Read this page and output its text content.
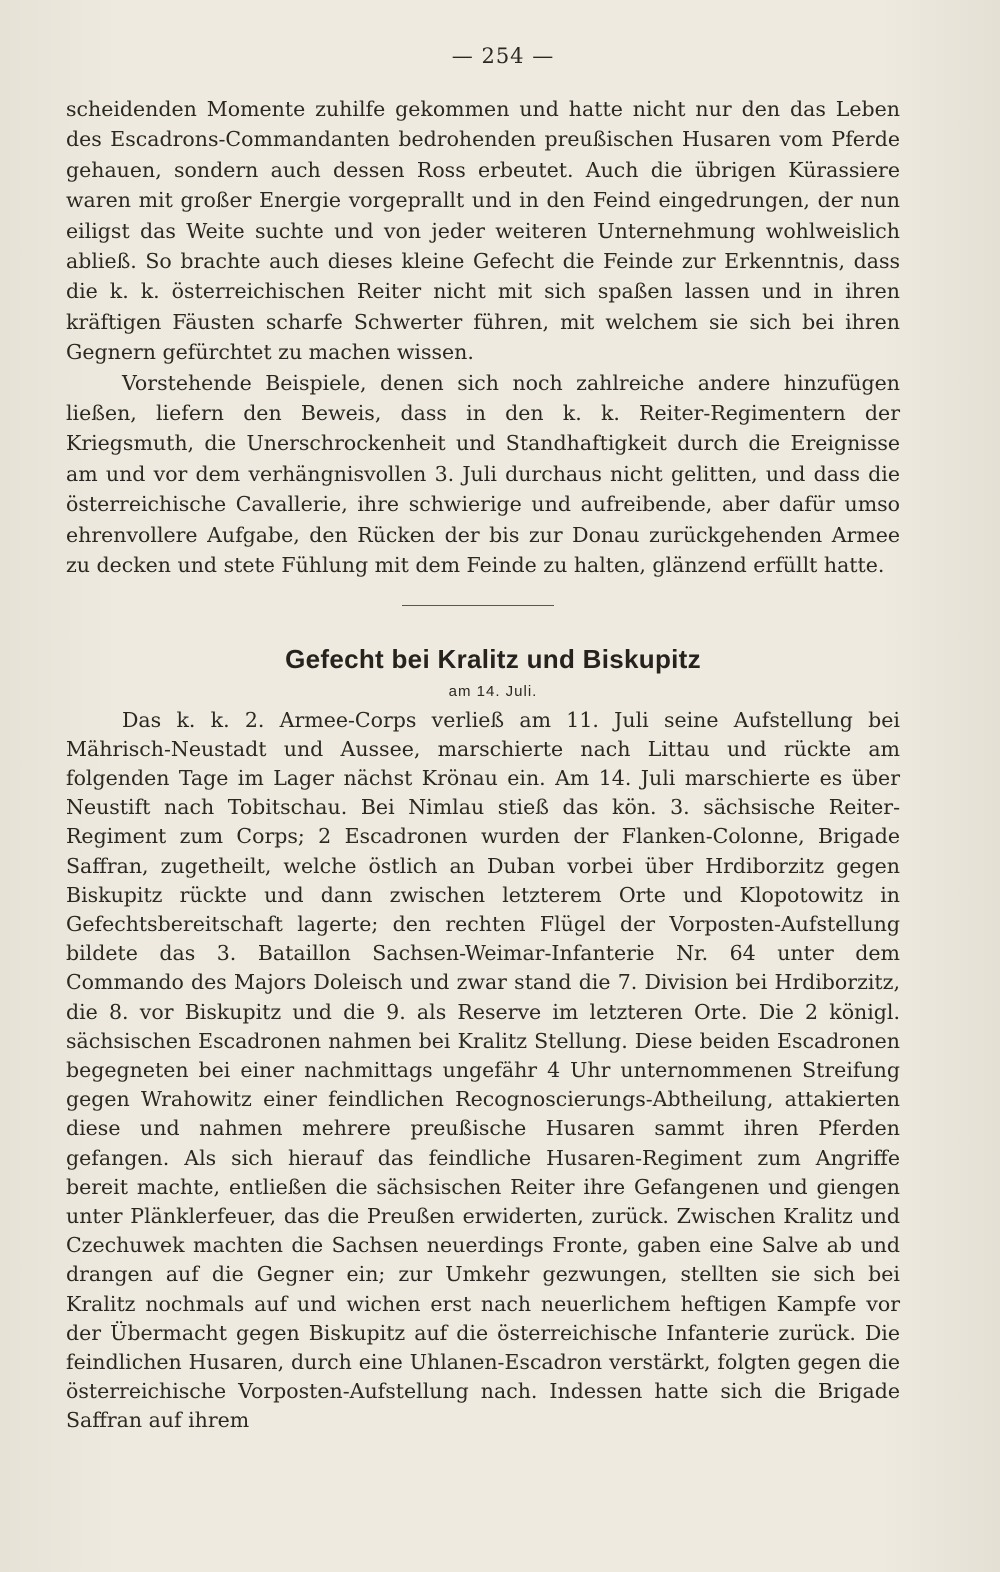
— 254 —

scheidenden Momente zuhilfe gekommen und hatte nicht nur den das Leben des Escadrons-Commandanten bedrohenden preußischen Husaren vom Pferde gehauen, sondern auch dessen Ross erbeutet. Auch die übrigen Kürassiere waren mit großer Energie vorgeprallt und in den Feind eingedrungen, der nun eiligst das Weite suchte und von jeder weiteren Unternehmung wohlweislich abließ. So brachte auch dieses kleine Gefecht die Feinde zur Erkenntnis, dass die k. k. österreichischen Reiter nicht mit sich spaßen lassen und in ihren kräftigen Fäusten scharfe Schwerter führen, mit welchem sie sich bei ihren Gegnern gefürchtet zu machen wissen.

Vorstehende Beispiele, denen sich noch zahlreiche andere hinzufügen ließen, liefern den Beweis, dass in den k. k. Reiter-Regimentern der Kriegsmuth, die Unerschrockenheit und Standhaftigkeit durch die Ereignisse am und vor dem verhängnisvollen 3. Juli durchaus nicht gelitten, und dass die österreichische Cavallerie, ihre schwierige und aufreibende, aber dafür umso ehrenvollere Aufgabe, den Rücken der bis zur Donau zurückgehenden Armee zu decken und stete Fühlung mit dem Feinde zu halten, glänzend erfüllt hatte.

Gefecht bei Kralitz und Biskupitz
am 14. Juli.

Das k. k. 2. Armee-Corps verließ am 11. Juli seine Aufstellung bei Mährisch-Neustadt und Aussee, marschierte nach Littau und rückte am folgenden Tage im Lager nächst Krönau ein. Am 14. Juli marschierte es über Neustift nach Tobitschau. Bei Nimlau stieß das kön. 3. sächsische Reiter-Regiment zum Corps; 2 Escadronen wurden der Flanken-Colonne, Brigade Saffran, zugetheilt, welche östlich an Duban vorbei über Hrdiborzitz gegen Biskupitz rückte und dann zwischen letzterem Orte und Klopotowitz in Gefechtsbereitschaft lagerte; den rechten Flügel der Vorposten-Aufstellung bildete das 3. Bataillon Sachsen-Weimar-Infanterie Nr. 64 unter dem Commando des Majors Doleisch und zwar stand die 7. Division bei Hrdiborzitz, die 8. vor Biskupitz und die 9. als Reserve im letzteren Orte. Die 2 königl. sächsischen Escadronen nahmen bei Kralitz Stellung. Diese beiden Escadronen begegneten bei einer nachmittags ungefähr 4 Uhr unternommenen Streifung gegen Wrahowitz einer feindlichen Recognoscierungs-Abtheilung, attakierten diese und nahmen mehrere preußische Husaren sammt ihren Pferden gefangen. Als sich hierauf das feindliche Husaren-Regiment zum Angriffe bereit machte, entließen die sächsischen Reiter ihre Gefangenen und giengen unter Plänklerfeuer, das die Preußen erwiderten, zurück. Zwischen Kralitz und Czechuwek machten die Sachsen neuerdings Fronte, gaben eine Salve ab und drangen auf die Gegner ein; zur Umkehr gezwungen, stellten sie sich bei Kralitz nochmals auf und wichen erst nach neuerlichem heftigen Kampfe vor der Übermacht gegen Biskupitz auf die österreichische Infanterie zurück. Die feindlichen Husaren, durch eine Uhlanen-Escadron verstärkt, folgten gegen die österreichische Vorposten-Aufstellung nach. Indessen hatte sich die Brigade Saffran auf ihrem
